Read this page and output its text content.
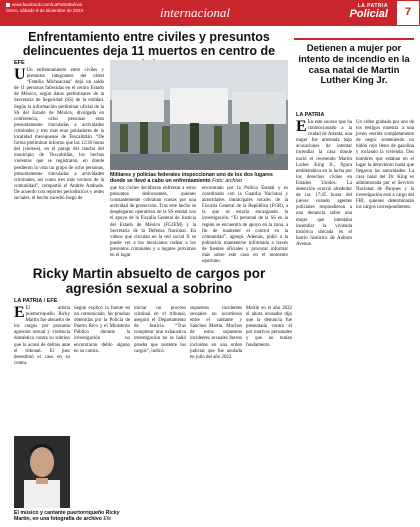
www.facebook.com/LaPatriaBolivia
Oruro, sábado 9 de diciembre de 2023	internacional	LA PATRIA
Policial	7
Enfrentamiento entre civiles y presuntos delincuentes deja 11 muertos en centro de
EFE
U Un enfrentamiento entre civiles y presuntos integrantes del cártel “Familia Michoacana” dejó un saldo de 11 personas fallecidas en el centro Estado de México, según datos preliminares de la Secretaría de Seguridad (SS) de la entidad. Según la información preliminar oficial de la SS del Estado de México, divulgada en conferencia, ocho personas eran presuntamente vinculadas a actividades criminales y tres más eran pobladores de la localidad mexiquense de Texcaltitlán. “De forma preliminar informo que las 12:30 horas del (viernes), en el paraje del rancho del municipio de Texcaltitlán, los hechos violentos que se registraron, en donde perdieron la vida un grupo de ocho personas, presuntamente vinculadas a actividades criminales, así como tres más vecinos de la comunidad”, compartió el Andrés Andrade. De acuerdo con reportes periodísticos y redes sociales, el hecho sucedió luego de
Militares y policías federales inspeccionan uno de los dos lugares donde se llevó a cabo un enfrentamiento Foto: archivo
que los civiles decidieran enfrentar a estos presuntos delincuentes, quienes constantemente cobraban cuotas por una actividad de protección. Tras este hecho se desplegaron operativos de la SS estatal con el apoyo de la Fiscalía General de Justicia del Estado de México (FGJEM) y la Secretaría de la Defensa Nacional. En videos que circulan en la red social X se puede ver a los mexicanos rodear a los presuntos criminales y a lugares próximos en el lugar.
encontrado por la Policía Estatal y es coordinado con la Guardia Nacional y autoridades municipales locales de la Fiscalía General de la República (FGR), a la que se estaría encargando la investigación. “El personal de la SS en la región se encuentra de apoyo en la zona, a fin de mantener el control en la comunidad”, agregó. Además, pidió a la población mantenerse informada a través de fuentes oficiales y procurar informar más sobre este caso en el momento oportuno.
Detienen a mujer por intento de incendio en la casa natal de Martin Luther King Jr.
LA PATRIA
E En este suceso que ha conmocionado a la ciudad de Atlanta, una mujer fue arrestada bajo acusaciones de intentar incendiar la casa donde nació el reverendo Martin Luther King Jr., figura emblemática en la lucha por los derechos civiles en Estados Unidos. La detención ocurrió alrededor de las 17:45 horas del jueves cuando agentes policiales respondieron a una denuncia sobre una mujer que intentaba incendiar la vivienda histórica ubicada en el barrio histórico de Auburn Avenue.
Un video grabado por uno de los testigos muestra a una joven vestida completamente de negro sosteniendo un bidón rojo lleno de gasolina y rociando la vivienda. Dos hombres que estaban en el lugar la detuvieron hasta que llegaron las autoridades. La casa natal del Dr. King es administrada por el Servicio Nacional de Parques y la investigación está a cargo del FBI, quienes determinarán los cargos correspondientes.
Ricky Martin absuelto de cargos por agresión sexual a sobrino
LA PATRIA / EFE
E El artista puertorriqueño Ricky Martin fue absuelto de los cargos por presunta agresión sexual y violencia doméstica contra su sobrino que lo acusó de delitos ante el tribunal. El juez desestimó el caso en su contra.
El músico y cantante puertorriqueño Ricky Martin, en una fotografía de archivo Efe
Según explicó la fuente en un comunicado, las pruebas obtenidas por la Policía de Puerto Rico y el Ministerio Público durante la investigación no encontraron delito alguno en su contra.
iniciar un proceso criminal en el tribunal, aseguró el Departamento de Justicia. “Tras completar una exhaustiva investigación no se halló prueba que sustente los cargos”, indicó.
supuestos incidentes sexuales no ocurrieron entre el cantante y Sánchez Martin. Muchos de estos supuestos incidentes sexuales fueron incluidos en una orden judicial que fue anulada en julio del año 2022.
Martin en el año 2022 el ahora acusador dijo que la denuncia fue presentada contra él por motivos personales y que no tenían fundamento.
